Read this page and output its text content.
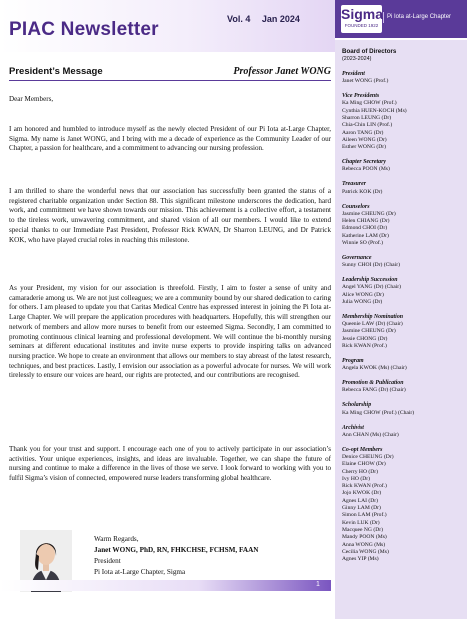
PIAC Newsletter	Vol. 4 Jan 2024	Sigma
FOUNDED 1922
Pi Iota at-Large Chapter
President’s Message	Professor Janet WONG
Dear Members,
I am honored and humbled to introduce myself as the newly elected President of our Pi Iota at-Large Chapter, Sigma. My name is Janet WONG, and I bring with me a decade of experience as the Community Leader of our Chapter, a passion for healthcare, and a commitment to advancing our nursing profession.
I am thrilled to share the wonderful news that our association has successfully been granted the status of a registered charitable organization under Section 88. This significant milestone underscores the dedication, hard work, and commitment we have shown towards our mission. This achievement is a collective effort, a testament to the tireless work, unwavering commitment, and shared vision of all our members. I would like to extend special thanks to our Immediate Past President, Professor Rick KWAN, Dr Sharron LEUNG, and Dr Patrick KOK, who have played crucial roles in reaching this milestone.
As your President, my vision for our association is threefold. Firstly, I aim to foster a sense of unity and camaraderie among us. We are not just colleagues; we are a community bound by our shared dedication to caring for others. I am pleased to update you that Caritas Medical Centre has expressed interest in joining the Pi Iota at-Large Chapter. We will prepare the application procedures with headquarters. Hopefully, this will strengthen our network of members and allow more nurses to benefit from our esteemed Sigma. Secondly, I am committed to promoting continuous clinical learning and professional development. We will continue the bi-monthly nursing seminars at different educational institutes and invite nurse experts to provide inspiring talks on advanced nursing practice. We hope to create an environment that allows our members to stay abreast of the latest research, techniques, and best practices. Lastly, I envision our association as a powerful advocate for nurses. We will work tirelessly to ensure our voices are heard, our rights are protected, and our contributions are recognised.
Thank you for your trust and support. I encourage each one of you to actively participate in our association’s activities. Your unique experiences, insights, and ideas are invaluable. Together, we can shape the future of nursing and continue to make a difference in the lives of those we serve. I look forward to working with you to fulfil Sigma’s vision of connected, empowered nurse leaders transforming global healthcare.
Warm Regards,
Janet WONG, PhD, RN, FHKCHSE, FCHSM, FAAN
President
Pi Iota at-Large Chapter, Sigma
1
Board of Directors
(2023-2024)
President
Janet WONG (Prof.)
Vice Presidents
Ka Ming CHOW (Prof.)
Cynthia HUEN-KOCH (Ms)
Sharron LEUNG (Dr)
Chia-Chin LIN (Prof.)
Aaron TANG (Dr)
Aileen WONG (Dr)
Esther WONG (Dr)
Chapter Secretary
Rebecca POON (Ms)
Treasurer
Patrick KOK (Dr)
Counselors
Jasmine CHEUNG (Dr)
Helen CHIANG (Dr)
Edmond CHOI (Dr)
Katherine LAM (Dr)
Winnie SO (Prof.)
Governance
Sunny CHOI (Dr) (Chair)
Leadership Succession
Angel YANG (Dr) (Chair)
Alice WONG (Dr)
Julia WONG (Dr)
Membership Nomination
Queenie LAW (Dr) (Chair)
Jasmine CHEUNG (Dr)
Jessie CHONG (Dr)
Rick KWAN (Prof.)
Program
Angela KWOK (Ms) (Chair)
Promotion & Publication
Rebecca FANG (Dr) (Chair)
Scholarship
Ka Ming CHOW (Prof.) (Chair)
Archivist
Ann CHAN (Ms) (Chair)
Co-opt Members
Denice CHEUNG (Dr)
Elaine CHOW (Dr)
Cherry HO (Dr)
Ivy HO (Dr)
Rick KWAN (Prof.)
Jojo KWOK (Dr)
Agnes LAI (Dr)
Ginny LAM (Dr)
Simon LAM (Prof.)
Kevin LUK (Dr)
Macquee NG (Dr)
Mandy POON (Ms)
Anna WONG (Ms)
Cecilia WONG (Ms)
Agnes YIP (Ms)
